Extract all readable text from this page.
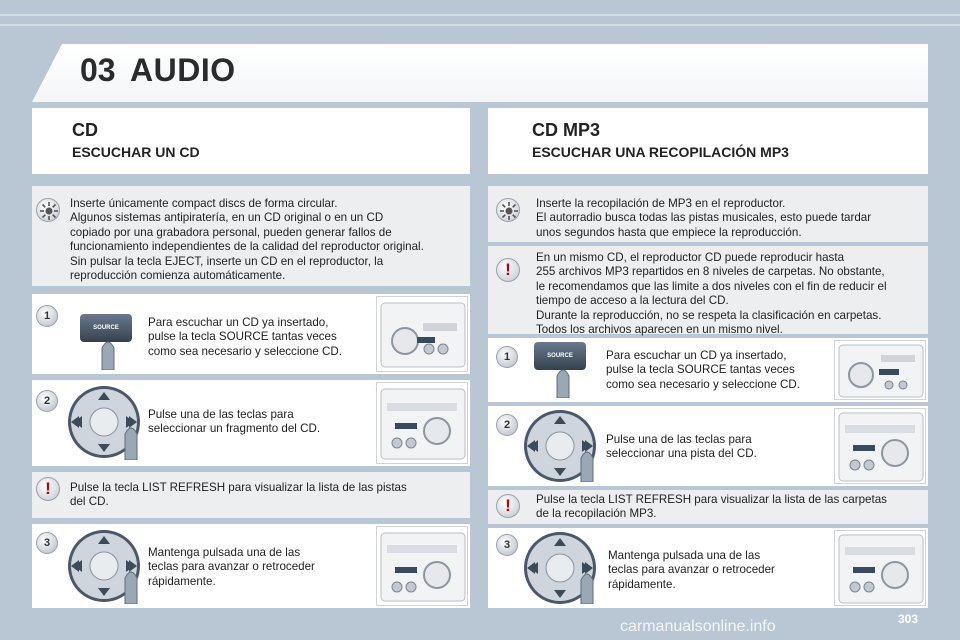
03 AUDIO
CD
ESCUCHAR UN CD
CD MP3
ESCUCHAR UNA RECOPILACIÓN MP3

Inserte únicamente compact discs de forma circular.

Algunos sistemas antipiratería, en un CD original o en un CD

copiado por una grabadora personal, pueden generar fallos de

funcionamiento independientes de la calidad del reproductor original.

Sin pulsar la tecla EJECT, inserte un CD en el reproductor, la

reproducción comienza automáticamente.

1
SOURCE	Para escuchar un CD ya insertado,

pulse la tecla SOURCE tantas veces

como sea necesario y seleccione CD.

2

Pulse una de las teclas para

seleccionar un fragmento del CD.

!	Pulse la tecla LIST REFRESH para visualizar la lista de las pistas

del CD.

3

Mantenga pulsada una de las

teclas para avanzar o retroceder

rápidamente.

Inserte la recopilación de MP3 en el reproductor.

El autorradio busca todas las pistas musicales, esto puede tardar

unos segundos hasta que empiece la reproducción.

!

En un mismo CD, el reproductor CD puede reproducir hasta

255 archivos MP3 repartidos en 8 niveles de carpetas. No obstante,

le recomendamos que las limite a dos niveles con el fin de reducir el

tiempo de acceso a la lectura del CD.

Durante la reproducción, no se respeta la clasificación en carpetas.

Todos los archivos aparecen en un mismo nivel.

1	SOURCE	Para escuchar un CD ya insertado,

pulse la tecla SOURCE tantas veces

como sea necesario y seleccione CD.

2

Pulse una de las teclas para

seleccionar una pista del CD.

!	Pulse la tecla LIST REFRESH para visualizar la lista de las carpetas

de la recopilación MP3.

3

Mantenga pulsada una de las

teclas para avanzar o retroceder

rápidamente.

carmanualsonline.info	303
